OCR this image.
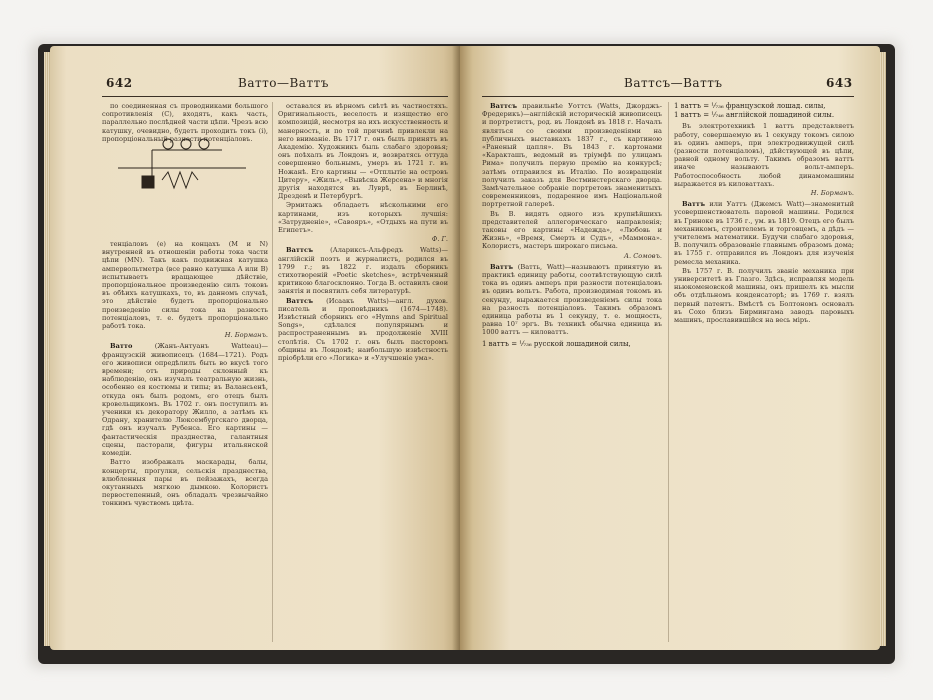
642	Ватто—Ваттъ

по соединенная съ проводниками большого сопротивленія (C), входятъ, какъ часть, параллельно послѣдней части цѣпи. Чрезъ всю катушку, очевидно, будетъ проходить токъ (i), пропорціональный разности потенціаловъ.

тенціаловъ (e) на концахъ (M и N) внутренней въ отношеніи работы тока части цѣпи (MN). Такъ какъ подвижная катушка ампервольтметра (все равно катушка A или B) испытываетъ вращающее дѣйствіе, пропорціональное произведенію силъ токовъ въ обѣихъ катушкахъ, то, въ данномъ случаѣ, это дѣйствіе будетъ пропорціонально произведенію силы тока на разность потенціаловъ, т. е. будетъ пропорціонально работѣ тока.

Н. Борманъ.

Ватто	(Жанъ-Антуанъ Watteau)—французскій живописецъ (1684—1721). Родъ его живописи опредѣлилъ быть во вкусѣ того времени; отъ природы склонный къ наблюденію, онъ изучалъ театральную жизнь, особенно ея костюмы и типы; въ Валансьенѣ, откуда онъ былъ родомъ, его отецъ былъ кровельщикомъ. Въ 1702 г. онъ поступилъ въ ученики къ декоратору Жилло, а затѣмъ къ Одрану, хранителю Люксембургскаго дворца, гдѣ онъ изучалъ Рубенса. Его картины — фантастическія празднества, галантныя сцены, пасторали, фигуры итальянской комедіи.

Ватто изображалъ маскарады, балы, концерты, прогулки, сельскія празднества, влюбленныя пары въ пейзажахъ, всегда окутанныхъ мягкою дымкою. Колористъ первостепенный, онъ обладалъ чрезвычайно тонкимъ чувствомъ цвѣта.

оставался въ вѣрномъ свѣтѣ въ частностяхъ. Оригинальность, веселость и изящество его композицій, несмотря на ихъ искусственность и манерность, и по той причинѣ привлекли на него вниманіе. Въ 1717 г. онъ былъ принятъ въ Академію. Художникъ быль слабаго здоровья; онъ поѣхалъ въ Лондонъ и, возвратясь оттуда совершенно больнымъ, умеръ въ 1721 г. въ Ножанѣ. Его картины — «Отплытіе на островъ Цитеру», «Жиль», «Вывѣска Жерсена» и многія другія находятся въ Луврѣ, въ Берлинѣ, Дрезденѣ и Петербургѣ.

Эрмитажъ обладаетъ нѣсколькими его картинами, изъ которыхъ лучшія: «Затрудненіе», «Савояръ», «Отдыхъ на пути въ Египетъ».

Ф. Г.

Ваттсъ	(Алариксъ-Альфредъ Watts)—англійскій поэтъ и журналистъ, родился въ 1799 г.; въ 1822 г. издалъ сборникъ стихотвореній «Poetic sketches», встрѣченный критикою благосклонно. Тогда В. оставилъ свои занятія и посвятилъ себя литературѣ.

Ваттсъ (Исаакъ Watts)—англ. духов. писатель и проповѣдникъ (1674—1748). Извѣстный сборникъ его «Hymns and Spiritual Songs», сдѣлался популярнымъ и распространеннымъ въ продолженіе XVIII столѣтія. Съ 1702 г. онъ былъ пасторомъ общины въ Лондонѣ; наибольшую извѣстность пріобрѣли его «Логика» и «Улучшеніе ума».

Ваттсъ—Ваттъ	643

Ваттсъ правильнѣе Уоттсъ (Watts, Джорджъ-Фредерикъ)—англійскій историческій живописецъ и портретистъ, род. въ Лондонѣ въ 1818 г. Началъ являться со своими произведеніями на публичныхъ выставкахъ 1837 г., съ картиною «Раненый цапля». Въ 1843 г. картонами «Каракташъ, ведомый въ тріумфѣ по улицамъ Рима» получилъ первую премію на конкурсѣ; затѣмъ отправился въ Италію. По возвращеніи получилъ заказъ для Вестминстерскаго дворца. Замѣчательное собраніе портретовъ знаменитыхъ современниковъ, подаренное имъ Національной портретной галереѣ.

Въ В. видятъ одного изъ крупнѣйшихъ представителей аллегорическаго направленія; таковы его картины «Надежда», «Любовь и Жизнь», «Время, Смерть и Судъ», «Маммона». Колористъ, мастеръ широкаго письма.

А. Сомовъ.

Ваттъ (Ватть, Watt)—называютъ принятую въ практикѣ единицу работы, соотвѣтствующую силѣ тока въ одинъ амперъ при разности потенціаловъ въ одинъ вольтъ. Работа, производимая токомъ въ секунду, выражается произведеніемъ силы тока на разность потенціаловъ. Такимъ образомъ единица работы въ 1 секунду, т. е. мощность, равна 10⁷ эргъ. Въ техникѣ обычна единица въ 1000 ваттъ — киловаттъ.

1 ваттъ = ¹⁄₇₃₆ русской лошадиной силы,

1 ваттъ = ¹⁄₇₃₆ французской лошад. силы,

1 ваттъ = ¹⁄₇₄₆ англійской лошадиной силы.

Въ электротехникѣ 1 ваттъ представляетъ работу, совершаемую въ 1 секунду токомъ силою въ одинъ амперъ, при электродвижущей силѣ (разности потенціаловъ), дѣйствующей въ цѣпи, равной одному вольту. Такимъ образомъ ваттъ иначе называютъ вольт-амперъ. Работоспособность любой динамомашины выражается въ киловаттахъ.

Н. Борманъ.

Ваттъ или Уаттъ (Джемсъ Watt)—знаменитый усовершенствователь паровой машины. Родился въ Гриноке въ 1736 г., ум. въ 1819. Отецъ его былъ механикомъ, строителемъ и торговцемъ, а дѣдъ — учителемъ математики. Будучи слабаго здоровья, В. получилъ образованіе главнымъ образомъ дома; въ 1755 г. отправился въ Лондонъ для изученія ремесла механика.

Въ 1757 г. В. получилъ званіе механика при университетѣ въ Глазго. Здѣсь, исправляя модель ньюкоменовской машины, онъ пришелъ къ мысли объ отдѣльномъ конденсаторѣ; въ 1769 г. взялъ первый патентъ. Вмѣстѣ съ Болтономъ основалъ въ Сохо близъ Бирмингама заводъ паровыхъ машинъ, прославившійся на весь міръ.
